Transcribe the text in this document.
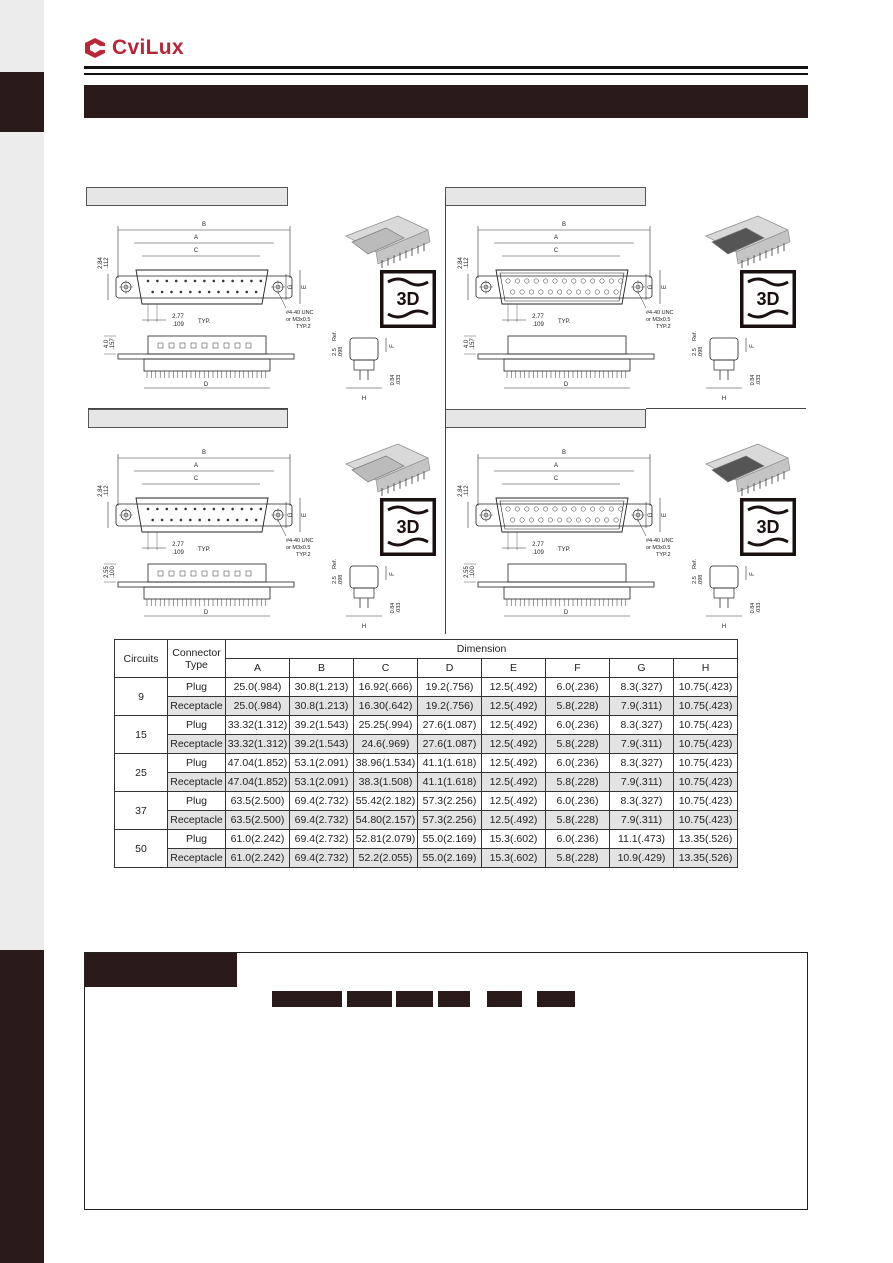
CviLux
B
A
C
2.84 .112
E
G
2.77
.109 TYP.
#4-40 UNC
or M3x0.5
TYP.2
D
4.0 .157
H
2.5 .098
Ref.
F
0.84 .033
3D
B
A
C
2.84 .112
E
G
2.77
.109 TYP.
#4-40 UNC
or M3x0.5
TYP.2
D
4.0 .157
H
2.5 .098
Ref.
F
0.84 .033
3D
B
A
C
2.84 .112
E
G
2.77
.109 TYP.
#4-40 UNC
or M3x0.5
TYP.2
D
2.55 .100
H
2.5 .098
Ref.
F
0.84 .033
3D
B
A
C
2.84 .112
E
G
2.77
.109 TYP.
#4-40 UNC
or M3x0.5
TYP.2
D
2.55 .100
H
2.5 .098
Ref.
F
0.84 .033
3D
Circuits	Connector Type	Dimension							
		A	B	C	D	E	F	G	H
9	Plug	25.0(.984)	30.8(1.213)	16.92(.666)	19.2(.756)	12.5(.492)	6.0(.236)	8.3(.327)	10.75(.423)
	Receptacle	25.0(.984)	30.8(1.213)	16.30(.642)	19.2(.756)	12.5(.492)	5.8(.228)	7.9(.311)	10.75(.423)
15	Plug	33.32(1.312)	39.2(1.543)	25.25(.994)	27.6(1.087)	12.5(.492)	6.0(.236)	8.3(.327)	10.75(.423)
	Receptacle	33.32(1.312)	39.2(1.543)	24.6(.969)	27.6(1.087)	12.5(.492)	5.8(.228)	7.9(.311)	10.75(.423)
25	Plug	47.04(1.852)	53.1(2.091)	38.96(1.534)	41.1(1.618)	12.5(.492)	6.0(.236)	8.3(.327)	10.75(.423)
	Receptacle	47.04(1.852)	53.1(2.091)	38.3(1.508)	41.1(1.618)	12.5(.492)	5.8(.228)	7.9(.311)	10.75(.423)
37	Plug	63.5(2.500)	69.4(2.732)	55.42(2.182)	57.3(2.256)	12.5(.492)	6.0(.236)	8.3(.327)	10.75(.423)
	Receptacle	63.5(2.500)	69.4(2.732)	54.80(2.157)	57.3(2.256)	12.5(.492)	5.8(.228)	7.9(.311)	10.75(.423)
50	Plug	61.0(2.242)	69.4(2.732)	52.81(2.079)	55.0(2.169)	15.3(.602)	6.0(.236)	11.1(.473)	13.35(.526)
	Receptacle	61.0(2.242)	69.4(2.732)	52.2(2.055)	55.0(2.169)	15.3(.602)	5.8(.228)	10.9(.429)	13.35(.526)
